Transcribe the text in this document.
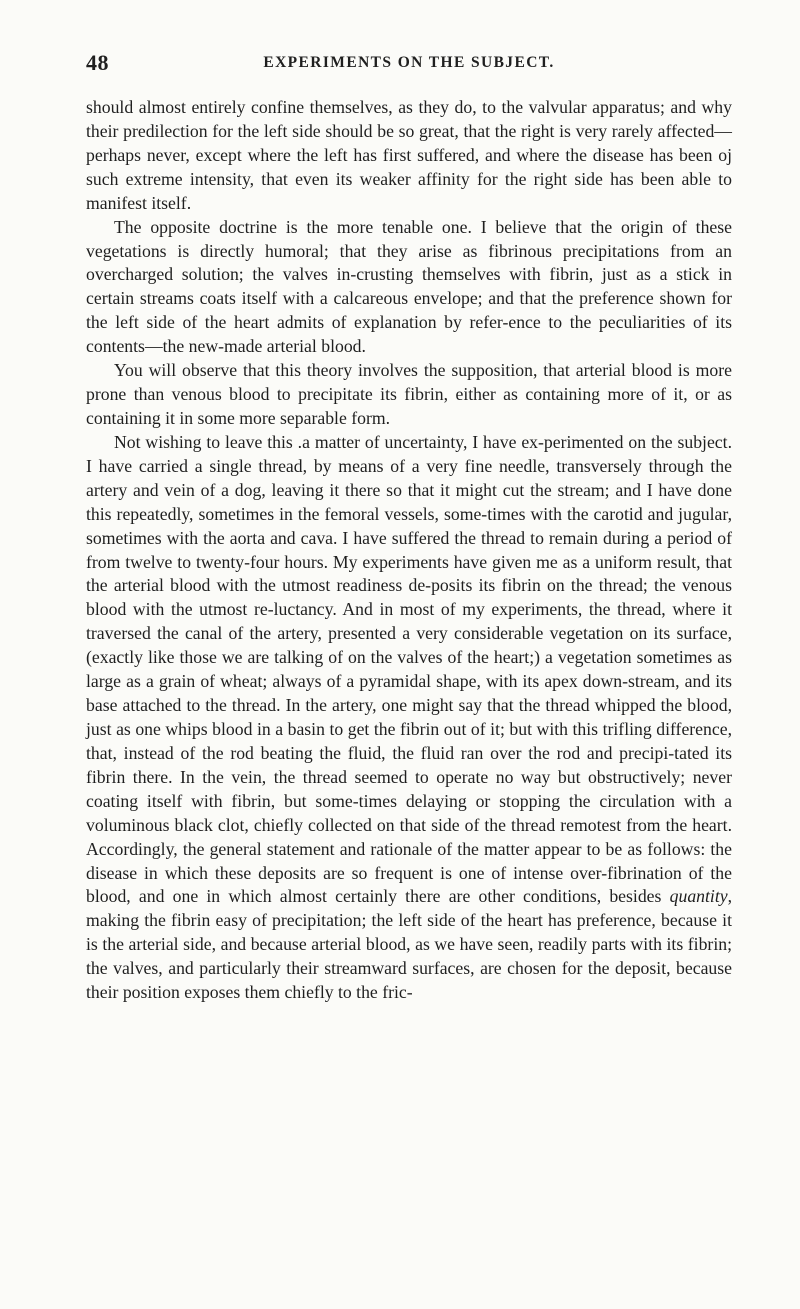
48	EXPERIMENTS ON THE SUBJECT.

should almost entirely confine themselves, as they do, to the valvular apparatus; and why their predilection for the left side should be so great, that the right is very rarely affected—perhaps never, except where the left has first suffered, and where the disease has been oj such extreme intensity, that even its weaker affinity for the right side has been able to manifest itself.

The opposite doctrine is the more tenable one. I believe that the origin of these vegetations is directly humoral; that they arise as fibrinous precipitations from an overcharged solution; the valves in-crusting themselves with fibrin, just as a stick in certain streams coats itself with a calcareous envelope; and that the preference shown for the left side of the heart admits of explanation by refer-ence to the peculiarities of its contents—the new-made arterial blood.

You will observe that this theory involves the supposition, that arterial blood is more prone than venous blood to precipitate its fibrin, either as containing more of it, or as containing it in some more separable form.

Not wishing to leave this .a matter of uncertainty, I have ex-perimented on the subject. I have carried a single thread, by means of a very fine needle, transversely through the artery and vein of a dog, leaving it there so that it might cut the stream; and I have done this repeatedly, sometimes in the femoral vessels, some-times with the carotid and jugular, sometimes with the aorta and cava. I have suffered the thread to remain during a period of from twelve to twenty-four hours. My experiments have given me as a uniform result, that the arterial blood with the utmost readiness de-posits its fibrin on the thread; the venous blood with the utmost re-luctancy. And in most of my experiments, the thread, where it traversed the canal of the artery, presented a very considerable vegetation on its surface, (exactly like those we are talking of on the valves of the heart;) a vegetation sometimes as large as a grain of wheat; always of a pyramidal shape, with its apex down-stream, and its base attached to the thread. In the artery, one might say that the thread whipped the blood, just as one whips blood in a basin to get the fibrin out of it; but with this trifling difference, that, instead of the rod beating the fluid, the fluid ran over the rod and precipi-tated its fibrin there. In the vein, the thread seemed to operate no way but obstructively; never coating itself with fibrin, but some-times delaying or stopping the circulation with a voluminous black clot, chiefly collected on that side of the thread remotest from the heart. Accordingly, the general statement and rationale of the matter appear to be as follows: the disease in which these deposits are so frequent is one of intense over-fibrination of the blood, and one in which almost certainly there are other conditions, besides quantity, making the fibrin easy of precipitation; the left side of the heart has preference, because it is the arterial side, and because arterial blood, as we have seen, readily parts with its fibrin; the valves, and particularly their streamward surfaces, are chosen for the deposit, because their position exposes them chiefly to the fric-
